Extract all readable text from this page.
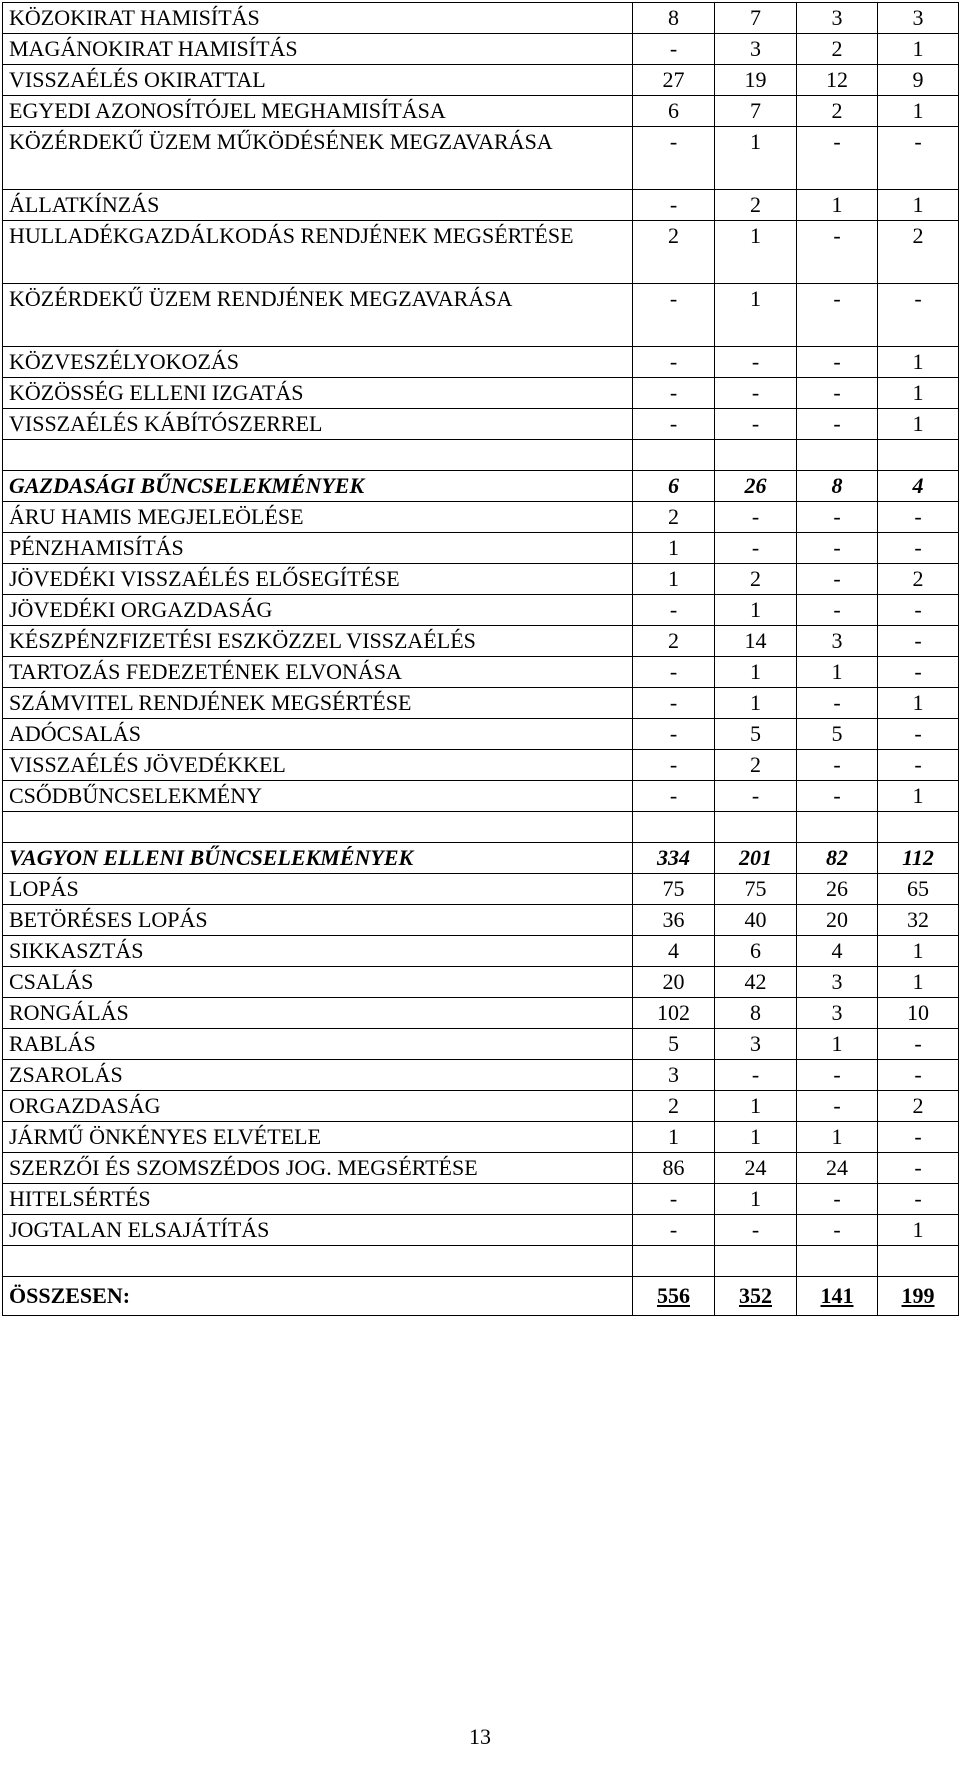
KÖZOKIRAT HAMISÍTÁS	8	7	3	3
MAGÁNOKIRAT HAMISÍTÁS	-	3	2	1
VISSZAÉLÉS OKIRATTAL	27	19	12	9
EGYEDI AZONOSÍTÓJEL MEGHAMISÍTÁSA	6	7	2	1
KÖZÉRDEKŰ ÜZEM MŰKÖDÉSÉNEK MEGZAVARÁSA	-	1	-	-
ÁLLATKÍNZÁS	-	2	1	1
HULLADÉKGAZDÁLKODÁS RENDJÉNEK MEGSÉRTÉSE	2	1	-	2
KÖZÉRDEKŰ ÜZEM RENDJÉNEK MEGZAVARÁSA	-	1	-	-
KÖZVESZÉLYOKOZÁS	-	-	-	1
KÖZÖSSÉG ELLENI IZGATÁS	-	-	-	1
VISSZAÉLÉS KÁBÍTÓSZERREL	-	-	-	1

GAZDASÁGI BŰNCSELEKMÉNYEK	6	26	8	4
ÁRU HAMIS MEGJELEÖLÉSE	2	-	-	-
PÉNZHAMISÍTÁS	1	-	-	-
JÖVEDÉKI VISSZAÉLÉS ELŐSEGÍTÉSE	1	2	-	2
JÖVEDÉKI ORGAZDASÁG	-	1	-	-
KÉSZPÉNZFIZETÉSI ESZKÖZZEL VISSZAÉLÉS	2	14	3	-
TARTOZÁS FEDEZETÉNEK ELVONÁSA	-	1	1	-
SZÁMVITEL RENDJÉNEK MEGSÉRTÉSE	-	1	-	1
ADÓCSALÁS	-	5	5	-
VISSZAÉLÉS JÖVEDÉKKEL	-	2	-	-
CSŐDBŰNCSELEKMÉNY	-	-	-	1

VAGYON ELLENI BŰNCSELEKMÉNYEK	334	201	82	112
LOPÁS	75	75	26	65
BETÖRÉSES LOPÁS	36	40	20	32
SIKKASZTÁS	4	6	4	1
CSALÁS	20	42	3	1
RONGÁLÁS	102	8	3	10
RABLÁS	5	3	1	-
ZSAROLÁS	3	-	-	-
ORGAZDASÁG	2	1	-	2
JÁRMŰ ÖNKÉNYES ELVÉTELE	1	1	1	-
SZERZŐI ÉS SZOMSZÉDOS JOG. MEGSÉRTÉSE	86	24	24	-
HITELSÉRTÉS	-	1	-	-
JOGTALAN ELSAJÁTÍTÁS	-	-	-	1

ÖSSZESEN:	556	352	141	199
13
